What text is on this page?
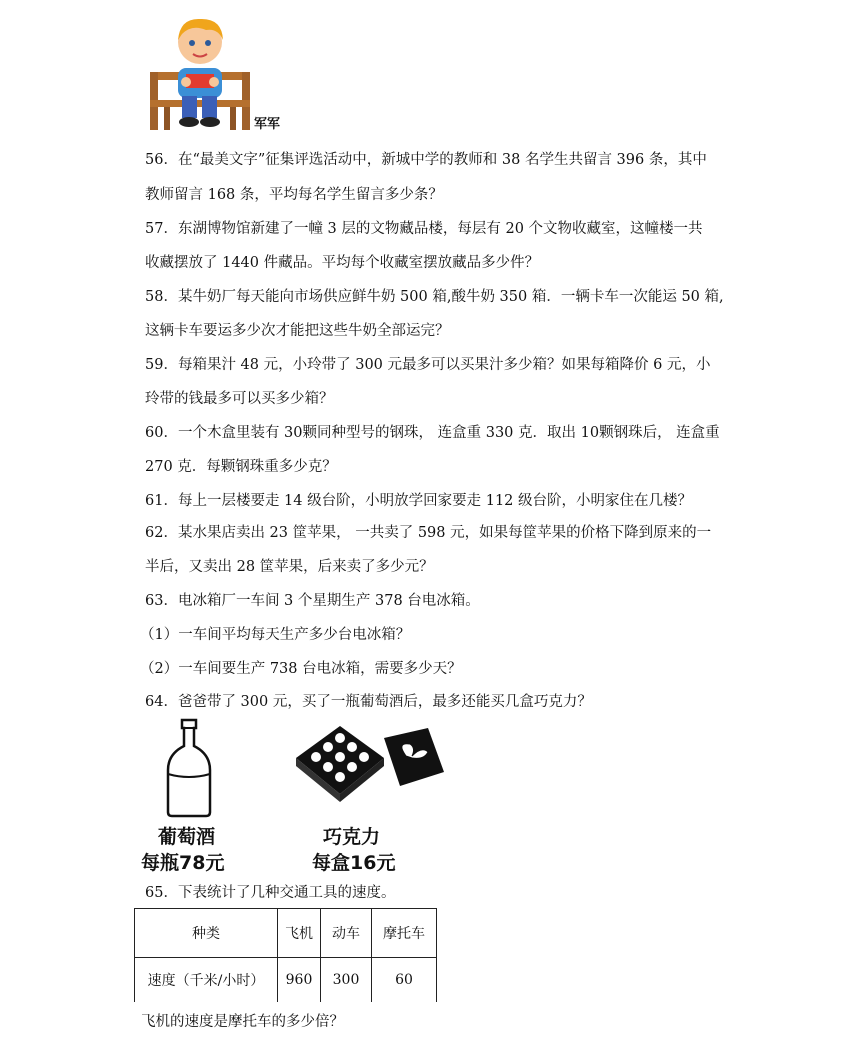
军军
56．在“最美文字”征集评选活动中，新城中学的教师和 38 名学生共留言 396 条，其中
教师留言 168 条，平均每名学生留言多少条？
57．东湖博物馆新建了一幢 3 层的文物藏品楼，每层有 20 个文物收藏室，这幢楼一共
收藏摆放了 1440 件藏品。平均每个收藏室摆放藏品多少件？
58．某牛奶厂每天能向市场供应鲜牛奶 500 箱,酸牛奶 350 箱．一辆卡车一次能运 50 箱,
这辆卡车要运多少次才能把这些牛奶全部运完？
59．每箱果汁 48 元，小玲带了 300 元最多可以买果汁多少箱？如果每箱降价 6 元，小
玲带的钱最多可以买多少箱？
60．一个木盒里装有 30颗同种型号的钢珠， 连盒重 330 克．取出 10颗钢珠后， 连盒重
270 克．每颗钢珠重多少克？
61．每上一层楼要走 14 级台阶，小明放学回家要走 112 级台阶，小明家住在几楼？
62．某水果店卖出 23 筐苹果， 一共卖了 598 元，如果每筐苹果的价格下降到原来的一
半后，又卖出 28 筐苹果，后来卖了多少元？
63．电冰箱厂一车间 3 个星期生产 378 台电冰箱。
（1）一车间平均每天生产多少台电冰箱？
（2）一车间要生产 738 台电冰箱，需要多少天？
64．爸爸带了 300 元，买了一瓶葡萄酒后，最多还能买几盒巧克力？
葡萄酒
每瓶78元
巧克力
每盒16元
65．下表统计了几种交通工具的速度。
种类	飞机	动车	摩托车
速度（千米/小时）	960	300	60
飞机的速度是摩托车的多少倍？
